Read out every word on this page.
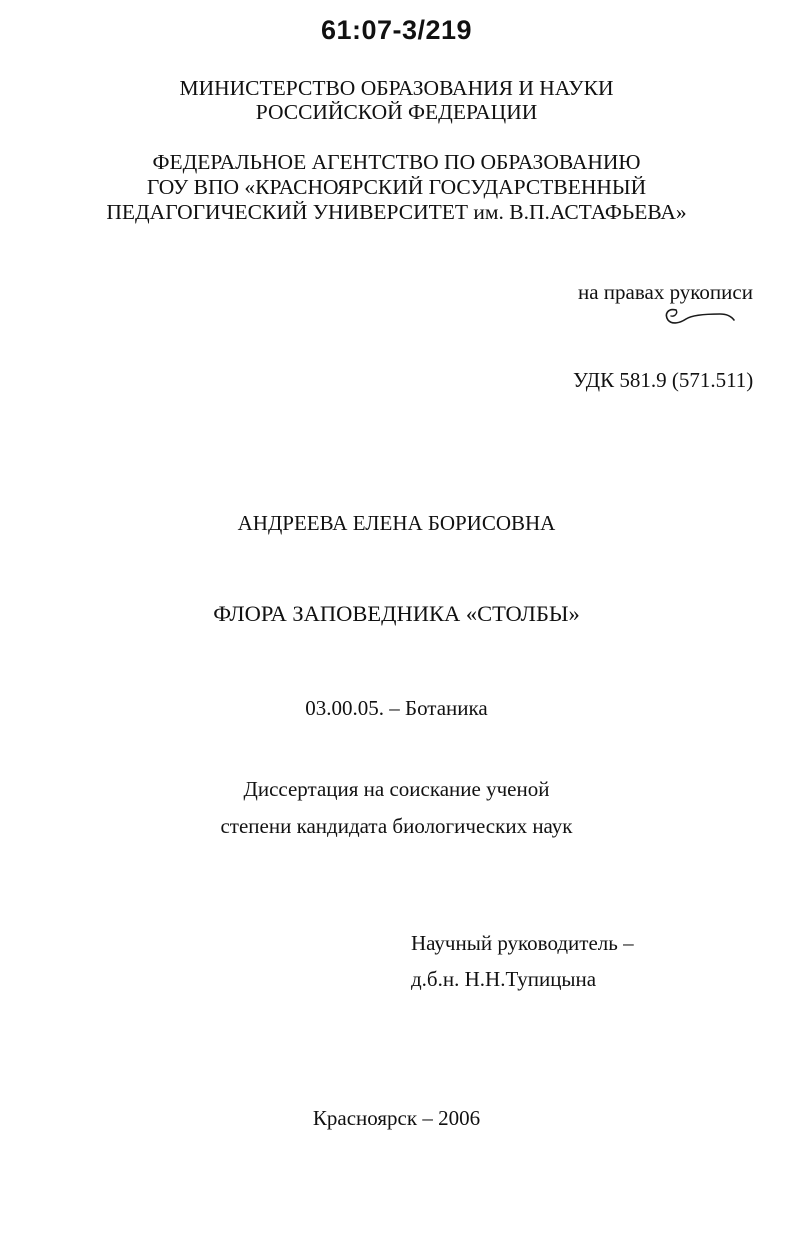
61:07-3/219
МИНИСТЕРСТВО ОБРАЗОВАНИЯ И НАУКИ
РОССИЙСКОЙ ФЕДЕРАЦИИ
ФЕДЕРАЛЬНОЕ АГЕНТСТВО ПО ОБРАЗОВАНИЮ
ГОУ ВПО «КРАСНОЯРСКИЙ ГОСУДАРСТВЕННЫЙ
ПЕДАГОГИЧЕСКИЙ УНИВЕРСИТЕТ им. В.П.АСТАФЬЕВА»
на правах рукописи
УДК 581.9 (571.511)
АНДРЕЕВА ЕЛЕНА БОРИСОВНА
ФЛОРА ЗАПОВЕДНИКА «СТОЛБЫ»
03.00.05. – Ботаника
Диссертация на соискание ученой
степени кандидата биологических наук
Научный руководитель –
д.б.н. Н.Н.Тупицына
Красноярск – 2006
